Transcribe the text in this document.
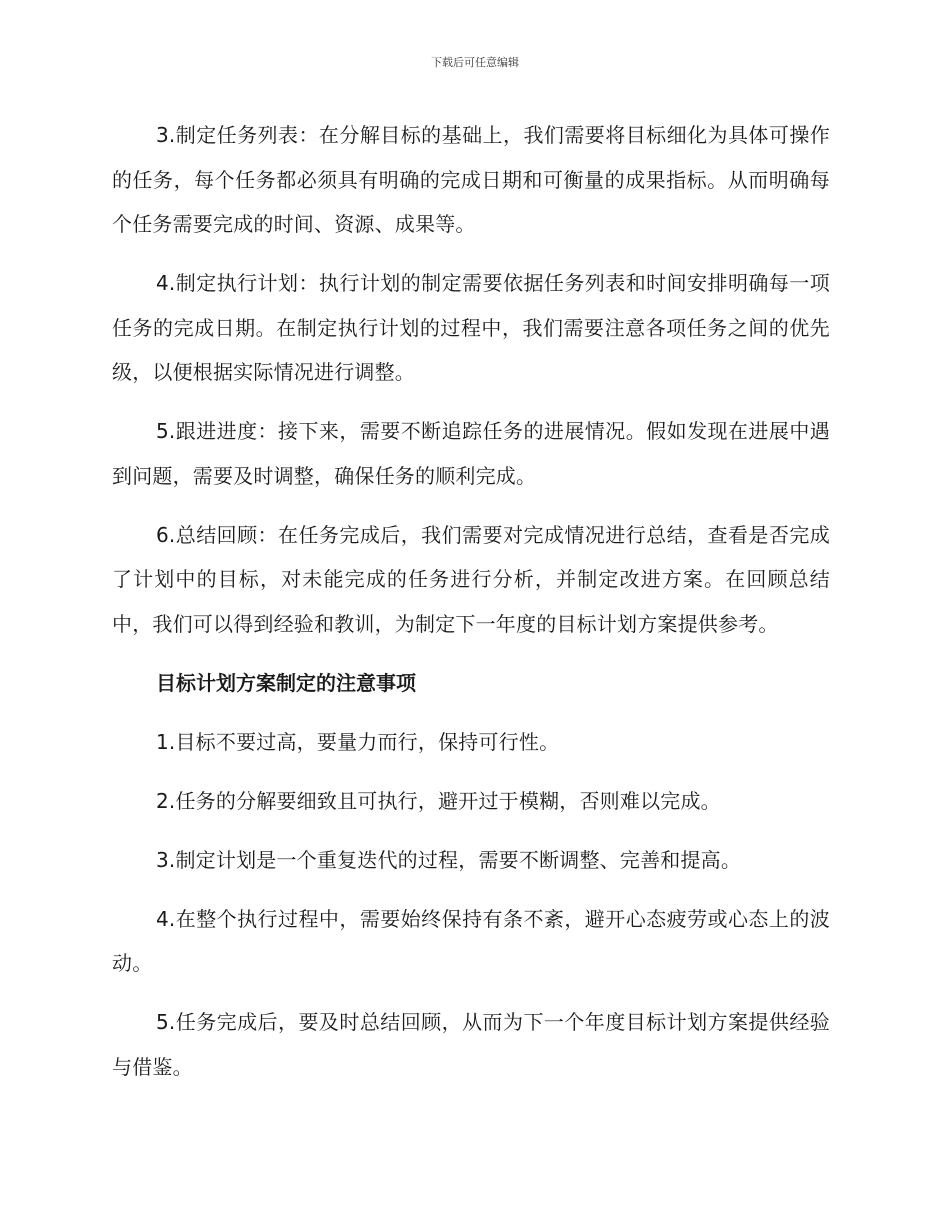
下载后可任意编辑

3.制定任务列表：在分解目标的基础上，我们需要将目标细化为具体可操作的任务，每个任务都必须具有明确的完成日期和可衡量的成果指标。从而明确每个任务需要完成的时间、资源、成果等。

4.制定执行计划：执行计划的制定需要依据任务列表和时间安排明确每一项任务的完成日期。在制定执行计划的过程中，我们需要注意各项任务之间的优先级，以便根据实际情况进行调整。

5.跟进进度：接下来，需要不断追踪任务的进展情况。假如发现在进展中遇到问题，需要及时调整，确保任务的顺利完成。

6.总结回顾：在任务完成后，我们需要对完成情况进行总结，查看是否完成了计划中的目标，对未能完成的任务进行分析，并制定改进方案。在回顾总结中，我们可以得到经验和教训，为制定下一年度的目标计划方案提供参考。

目标计划方案制定的注意事项

1.目标不要过高，要量力而行，保持可行性。

2.任务的分解要细致且可执行，避开过于模糊，否则难以完成。

3.制定计划是一个重复迭代的过程，需要不断调整、完善和提高。

4.在整个执行过程中，需要始终保持有条不紊，避开心态疲劳或心态上的波动。

5.任务完成后，要及时总结回顾，从而为下一个年度目标计划方案提供经验与借鉴。
